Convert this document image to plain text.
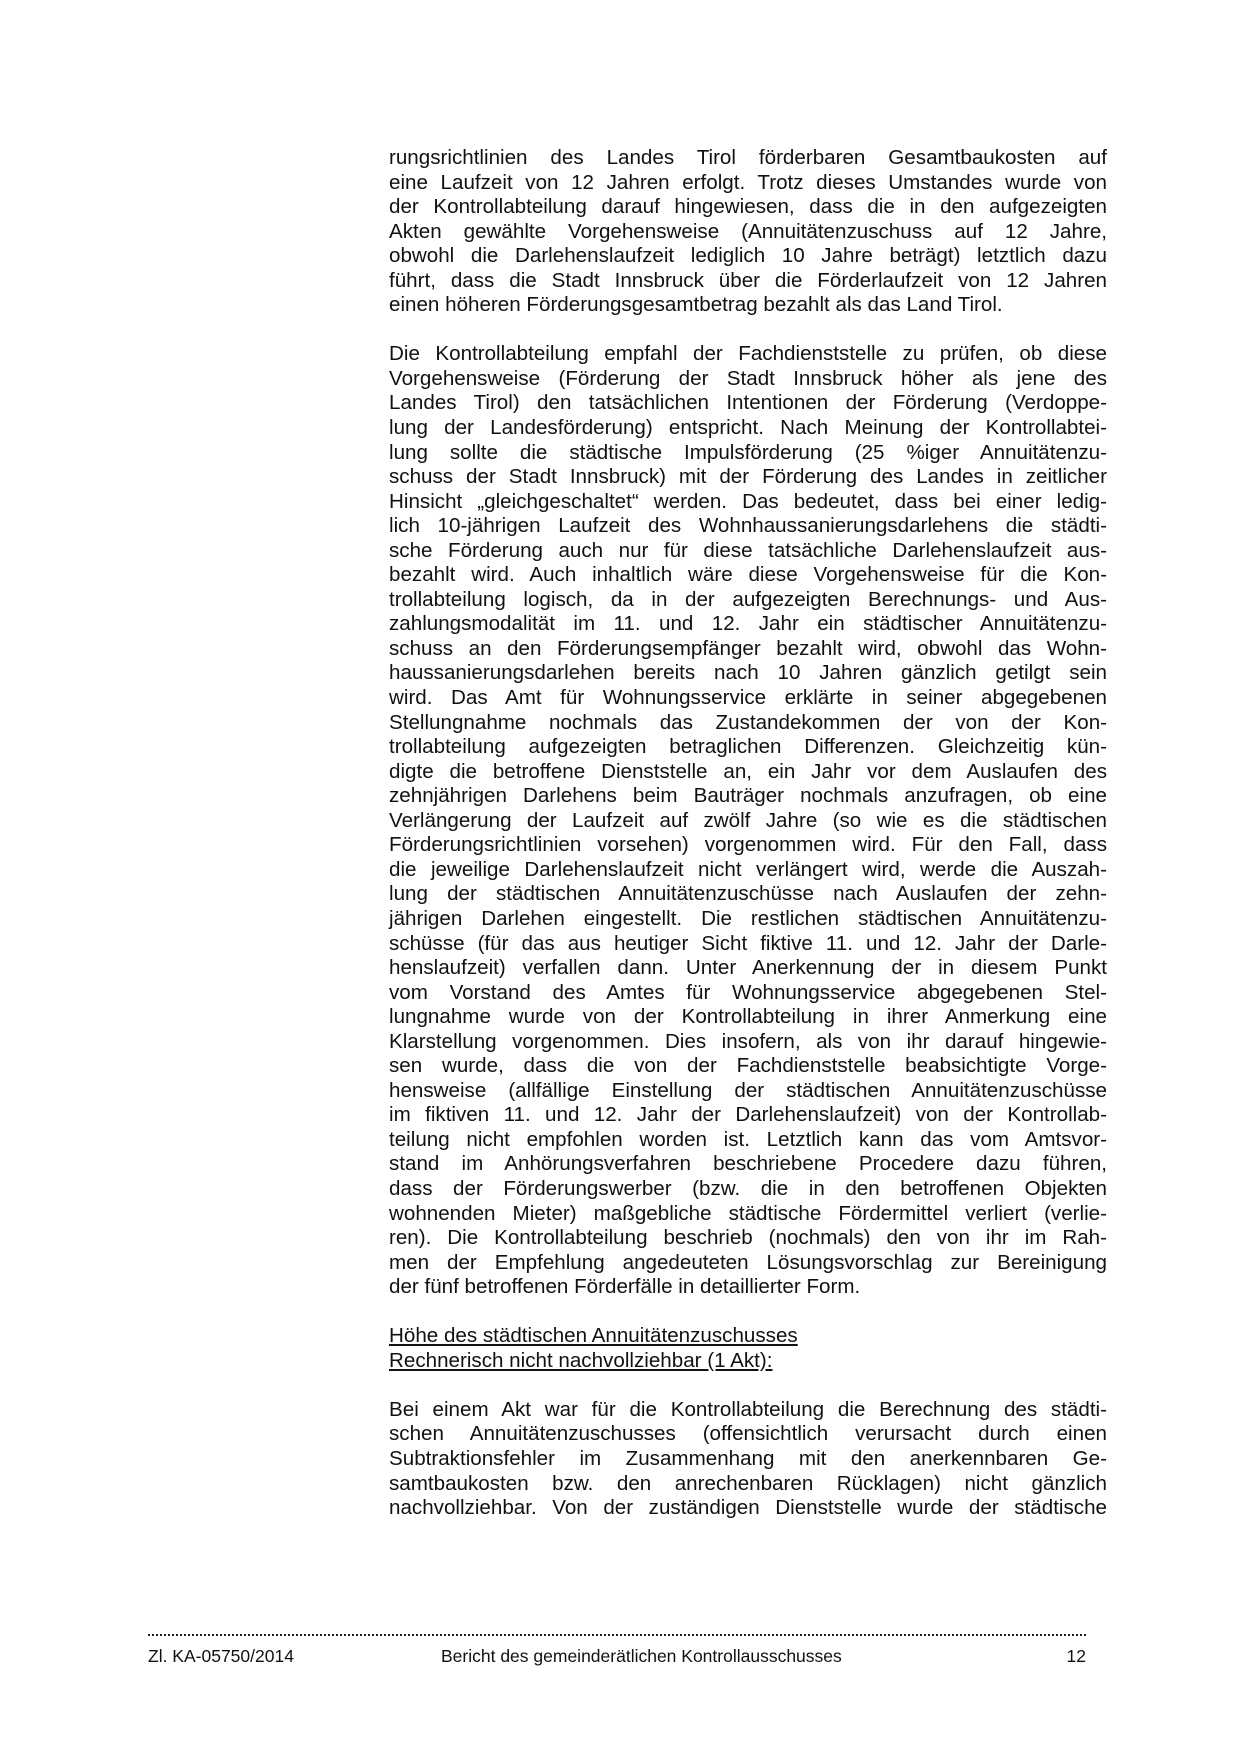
rungsrichtlinien des Landes Tirol förderbaren Gesamtbaukosten auf
eine Laufzeit von 12 Jahren erfolgt. Trotz dieses Umstandes wurde von
der Kontrollabteilung darauf hingewiesen, dass die in den aufgezeigten
Akten gewählte Vorgehensweise (Annuitätenzuschuss auf 12 Jahre,
obwohl die Darlehenslaufzeit lediglich 10 Jahre beträgt) letztlich dazu
führt, dass die Stadt Innsbruck über die Förderlaufzeit von 12 Jahren
einen höheren Förderungsgesamtbetrag bezahlt als das Land Tirol.
Die Kontrollabteilung empfahl der Fachdienststelle zu prüfen, ob diese
Vorgehensweise (Förderung der Stadt Innsbruck höher als jene des
Landes Tirol) den tatsächlichen Intentionen der Förderung (Verdoppe-
lung der Landesförderung) entspricht. Nach Meinung der Kontrollabtei-
lung sollte die städtische Impulsförderung (25 %iger Annuitätenzu-
schuss der Stadt Innsbruck) mit der Förderung des Landes in zeitlicher
Hinsicht „gleichgeschaltet“ werden. Das bedeutet, dass bei einer ledig-
lich 10-jährigen Laufzeit des Wohnhaussanierungsdarlehens die städti-
sche Förderung auch nur für diese tatsächliche Darlehenslaufzeit aus-
bezahlt wird. Auch inhaltlich wäre diese Vorgehensweise für die Kon-
trollabteilung logisch, da in der aufgezeigten Berechnungs- und Aus-
zahlungsmodalität im 11. und 12. Jahr ein städtischer Annuitätenzu-
schuss an den Förderungsempfänger bezahlt wird, obwohl das Wohn-
haussanierungsdarlehen bereits nach 10 Jahren gänzlich getilgt sein
wird. Das Amt für Wohnungsservice erklärte in seiner abgegebenen
Stellungnahme nochmals das Zustandekommen der von der Kon-
trollabteilung aufgezeigten betraglichen Differenzen. Gleichzeitig kün-
digte die betroffene Dienststelle an, ein Jahr vor dem Auslaufen des
zehnjährigen Darlehens beim Bauträger nochmals anzufragen, ob eine
Verlängerung der Laufzeit auf zwölf Jahre (so wie es die städtischen
Förderungsrichtlinien vorsehen) vorgenommen wird. Für den Fall, dass
die jeweilige Darlehenslaufzeit nicht verlängert wird, werde die Auszah-
lung der städtischen Annuitätenzuschüsse nach Auslaufen der zehn-
jährigen Darlehen eingestellt. Die restlichen städtischen Annuitätenzu-
schüsse (für das aus heutiger Sicht fiktive 11. und 12. Jahr der Darle-
henslaufzeit) verfallen dann. Unter Anerkennung der in diesem Punkt
vom Vorstand des Amtes für Wohnungsservice abgegebenen Stel-
lungnahme wurde von der Kontrollabteilung in ihrer Anmerkung eine
Klarstellung vorgenommen. Dies insofern, als von ihr darauf hingewie-
sen wurde, dass die von der Fachdienststelle beabsichtigte Vorge-
hensweise (allfällige Einstellung der städtischen Annuitätenzuschüsse
im fiktiven 11. und 12. Jahr der Darlehenslaufzeit) von der Kontrollab-
teilung nicht empfohlen worden ist. Letztlich kann das vom Amtsvor-
stand im Anhörungsverfahren beschriebene Procedere dazu führen,
dass der Förderungswerber (bzw. die in den betroffenen Objekten
wohnenden Mieter) maßgebliche städtische Fördermittel verliert (verlie-
ren). Die Kontrollabteilung beschrieb (nochmals) den von ihr im Rah-
men der Empfehlung angedeuteten Lösungsvorschlag zur Bereinigung
der fünf betroffenen Förderfälle in detaillierter Form.
Höhe des städtischen Annuitätenzuschusses
Rechnerisch nicht nachvollziehbar (1 Akt):
Bei einem Akt war für die Kontrollabteilung die Berechnung des städti-
schen Annuitätenzuschusses (offensichtlich verursacht durch einen
Subtraktionsfehler im Zusammenhang mit den anerkennbaren Ge-
samtbaukosten bzw. den anrechenbaren Rücklagen) nicht gänzlich
nachvollziehbar. Von der zuständigen Dienststelle wurde der städtische
Zl. KA-05750/2014	Bericht des gemeinderätlichen Kontrollausschusses	12
